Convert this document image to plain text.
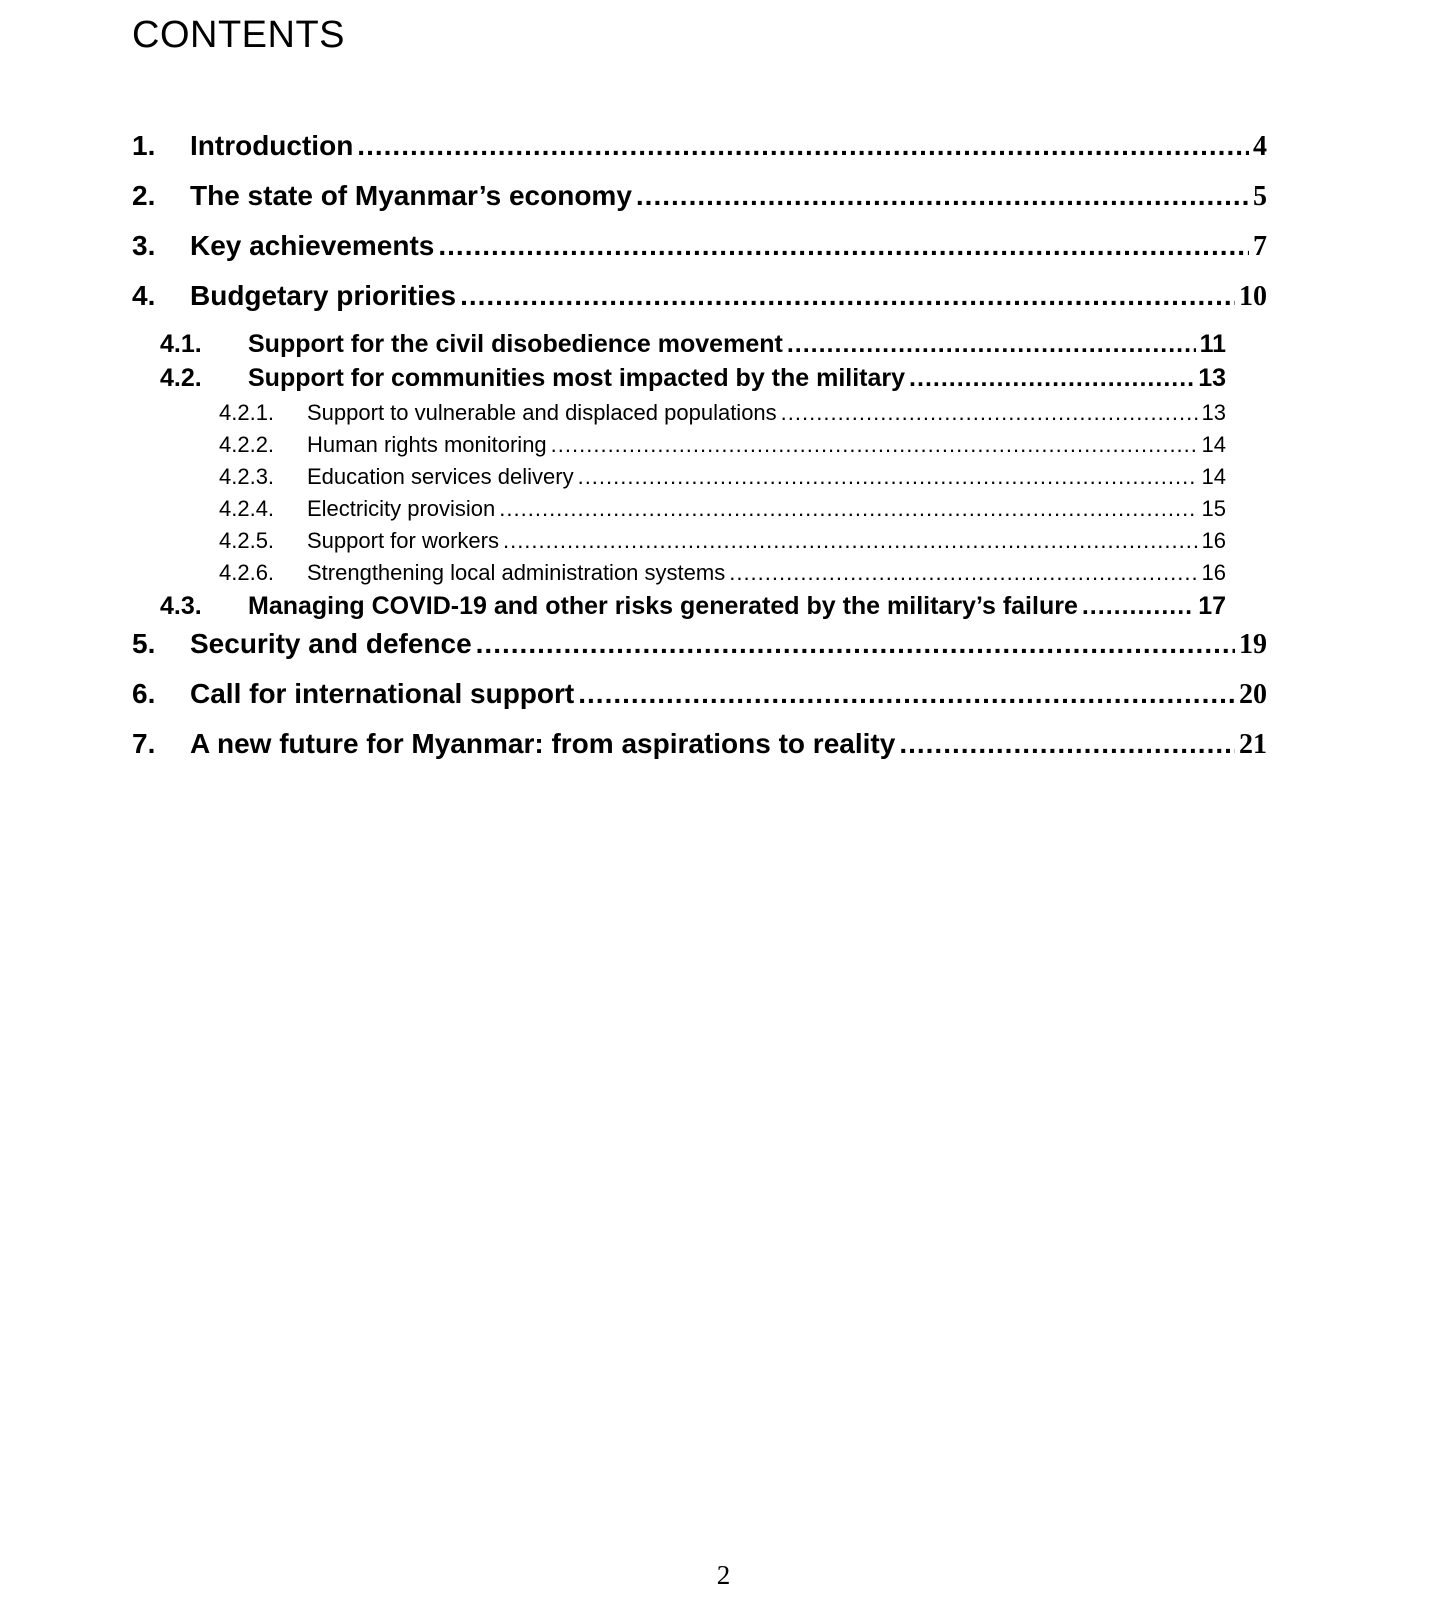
CONTENTS
1.	Introduction .....	4
2.	The state of Myanmar’s economy .....	5
3.	Key achievements .....	7
4.	Budgetary priorities .....	10
4.1.	Support for the civil disobedience movement .....	11
4.2.	Support for communities most impacted by the military .....	13
4.2.1.	Support to vulnerable and displaced populations .....	13
4.2.2.	Human rights monitoring .....	14
4.2.3.	Education services delivery .....	14
4.2.4.	Electricity provision .....	15
4.2.5.	Support for workers .....	16
4.2.6.	Strengthening local administration systems .....	16
4.3.	Managing COVID-19 and other risks generated by the military’s failure .....	17
5.	Security and defence .....	19
6.	Call for international support .....	20
7.	A new future for Myanmar: from aspirations to reality .....	21
2
